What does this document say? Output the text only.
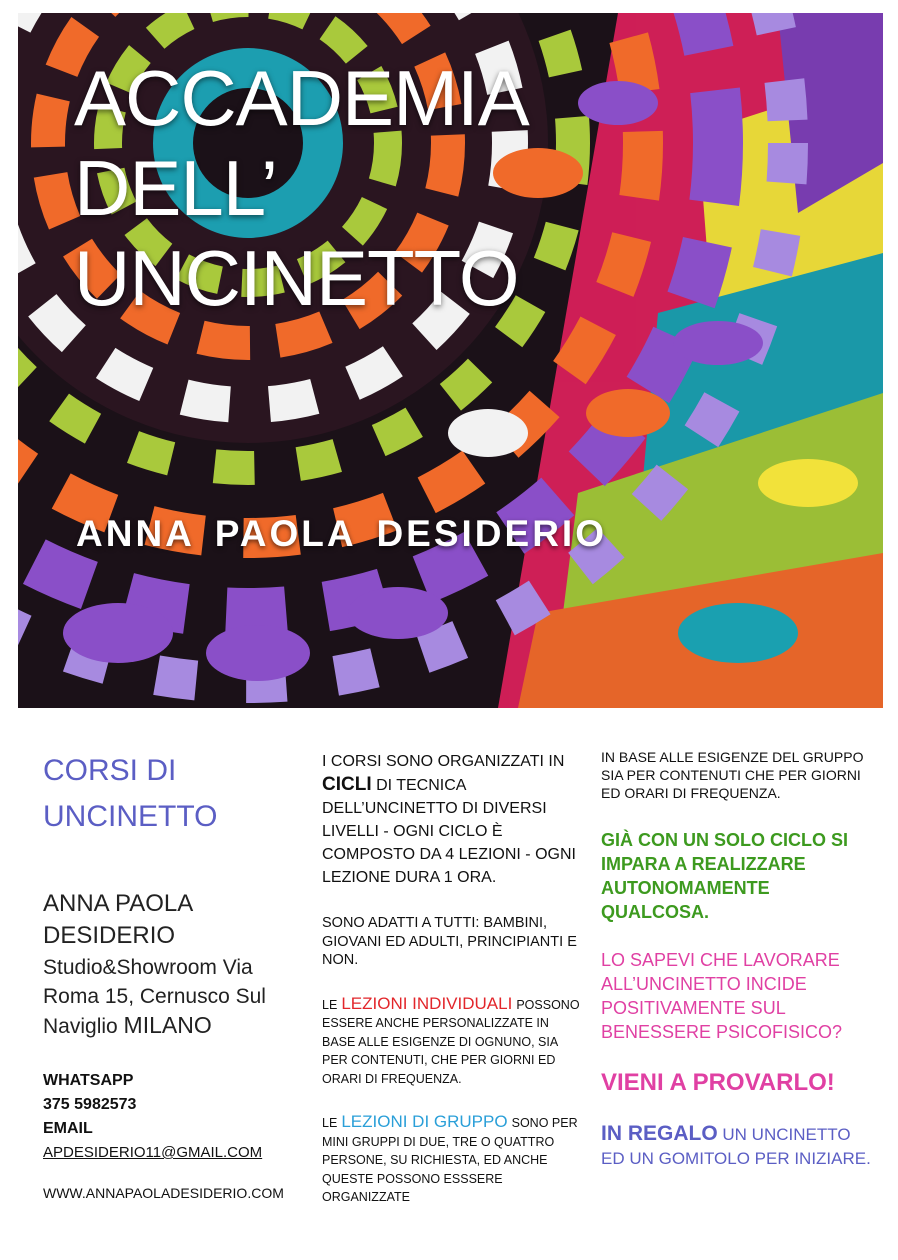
ACCADEMIA
DELL’
UNCINETTO
ANNA PAOLA DESIDERIO
CORSI DI UNCINETTO
ANNA PAOLA DESIDERIO
Studio&Showroom Via Roma 15, Cernusco Sul Naviglio MILANO
WHATSAPP
375 5982573
EMAIL
APDESIDERIO11@GMAIL.COM
WWW.ANNAPAOLADESIDERIO.COM

I CORSI SONO ORGANIZZATI IN CICLI DI TECNICA DELL’UNCINETTO DI DIVERSI LIVELLI - OGNI CICLO È COMPOSTO DA 4 LEZIONI - OGNI LEZIONE DURA 1 ORA.

SONO ADATTI A TUTTI: BAMBINI, GIOVANI ED ADULTI, PRINCIPIANTI E NON.

LE LEZIONI INDIVIDUALI POSSONO ESSERE ANCHE PERSONALIZZATE IN BASE ALLE ESIGENZE DI OGNUNO, SIA PER CONTENUTI, CHE PER GIORNI ED ORARI DI FREQUENZA.

LE LEZIONI DI GRUPPO SONO PER MINI GRUPPI DI DUE, TRE O QUATTRO PERSONE, SU RICHIESTA, ED ANCHE QUESTE POSSONO ESSSERE ORGANIZZATE

IN BASE ALLE ESIGENZE DEL GRUPPO SIA PER CONTENUTI CHE PER GIORNI ED ORARI DI FREQUENZA.

GIÀ CON UN SOLO CICLO SI IMPARA A REALIZZARE AUTONOMAMENTE QUALCOSA.

LO SAPEVI CHE LAVORARE ALL’UNCINETTO INCIDE POSITIVAMENTE SUL BENESSERE PSICOFISICO?

VIENI A PROVARLO!

IN REGALO UN UNCINETTO ED UN GOMITOLO PER INIZIARE.
